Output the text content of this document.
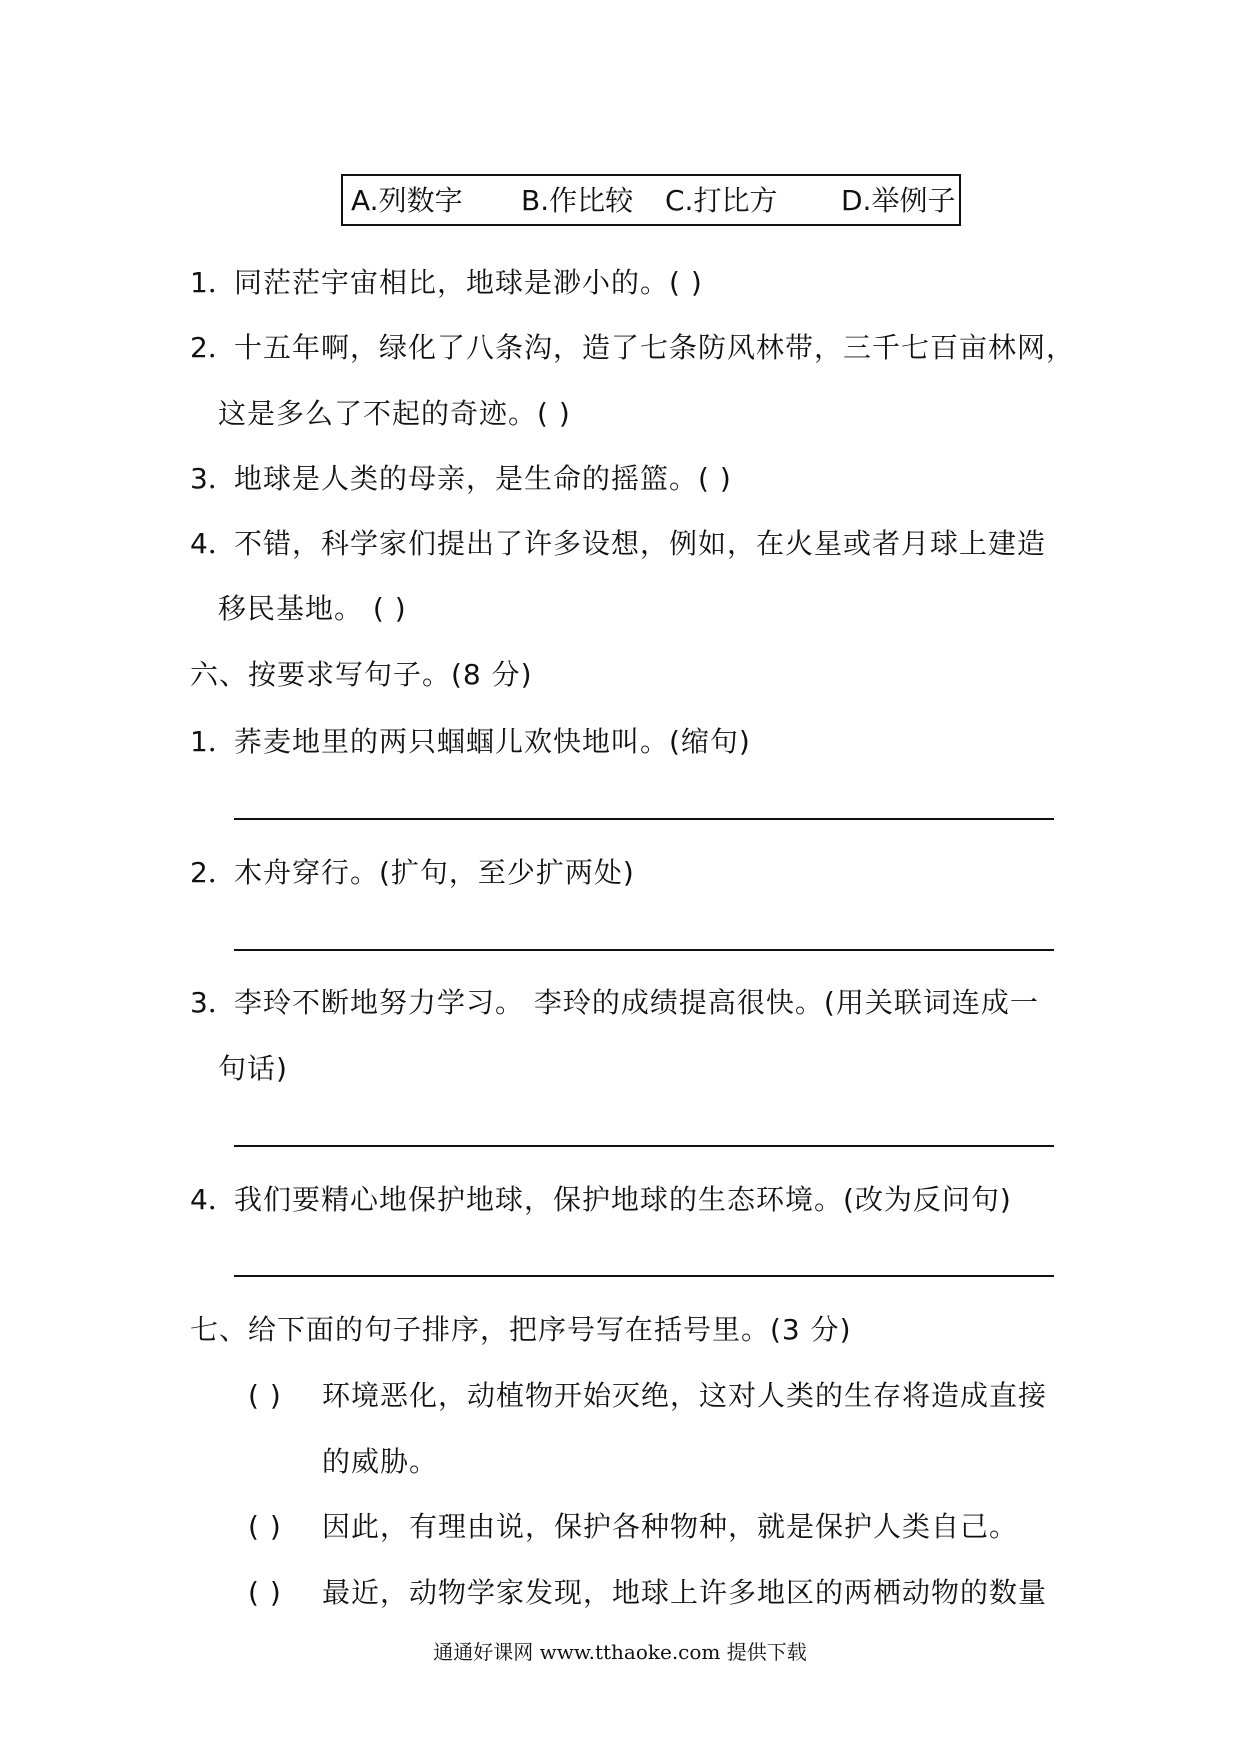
A.列数字 B.作比较 C.打比方 D.举例子
1．
同茫茫宇宙相比，地球是渺小的。( )
2．
十五年啊，绿化了八条沟，造了七条防风林带，三千七百亩林网，
这是多么了不起的奇迹。( )
3．
地球是人类的母亲，是生命的摇篮。( )
4．
不错，科学家们提出了许多设想，例如，在火星或者月球上建造
移民基地。 ( )
六、按要求写句子。(8 分)
1．
荞麦地里的两只蝈蝈儿欢快地叫。(缩句)
2．
木舟穿行。(扩句，至少扩两处)
3．
李玲不断地努力学习。 李玲的成绩提高很快。(用关联词连成一
句话)
4．
我们要精心地保护地球，保护地球的生态环境。(改为反问句)
七、给下面的句子排序，把序号写在括号里。(3 分)
( ) 环境恶化，动植物开始灭绝，这对人类的生存将造成直接
的威胁。
( ) 因此，有理由说，保护各种物种，就是保护人类自己。
( ) 最近，动物学家发现，地球上许多地区的两栖动物的数量
通通好课网 www.tthaoke.com 提供下载
